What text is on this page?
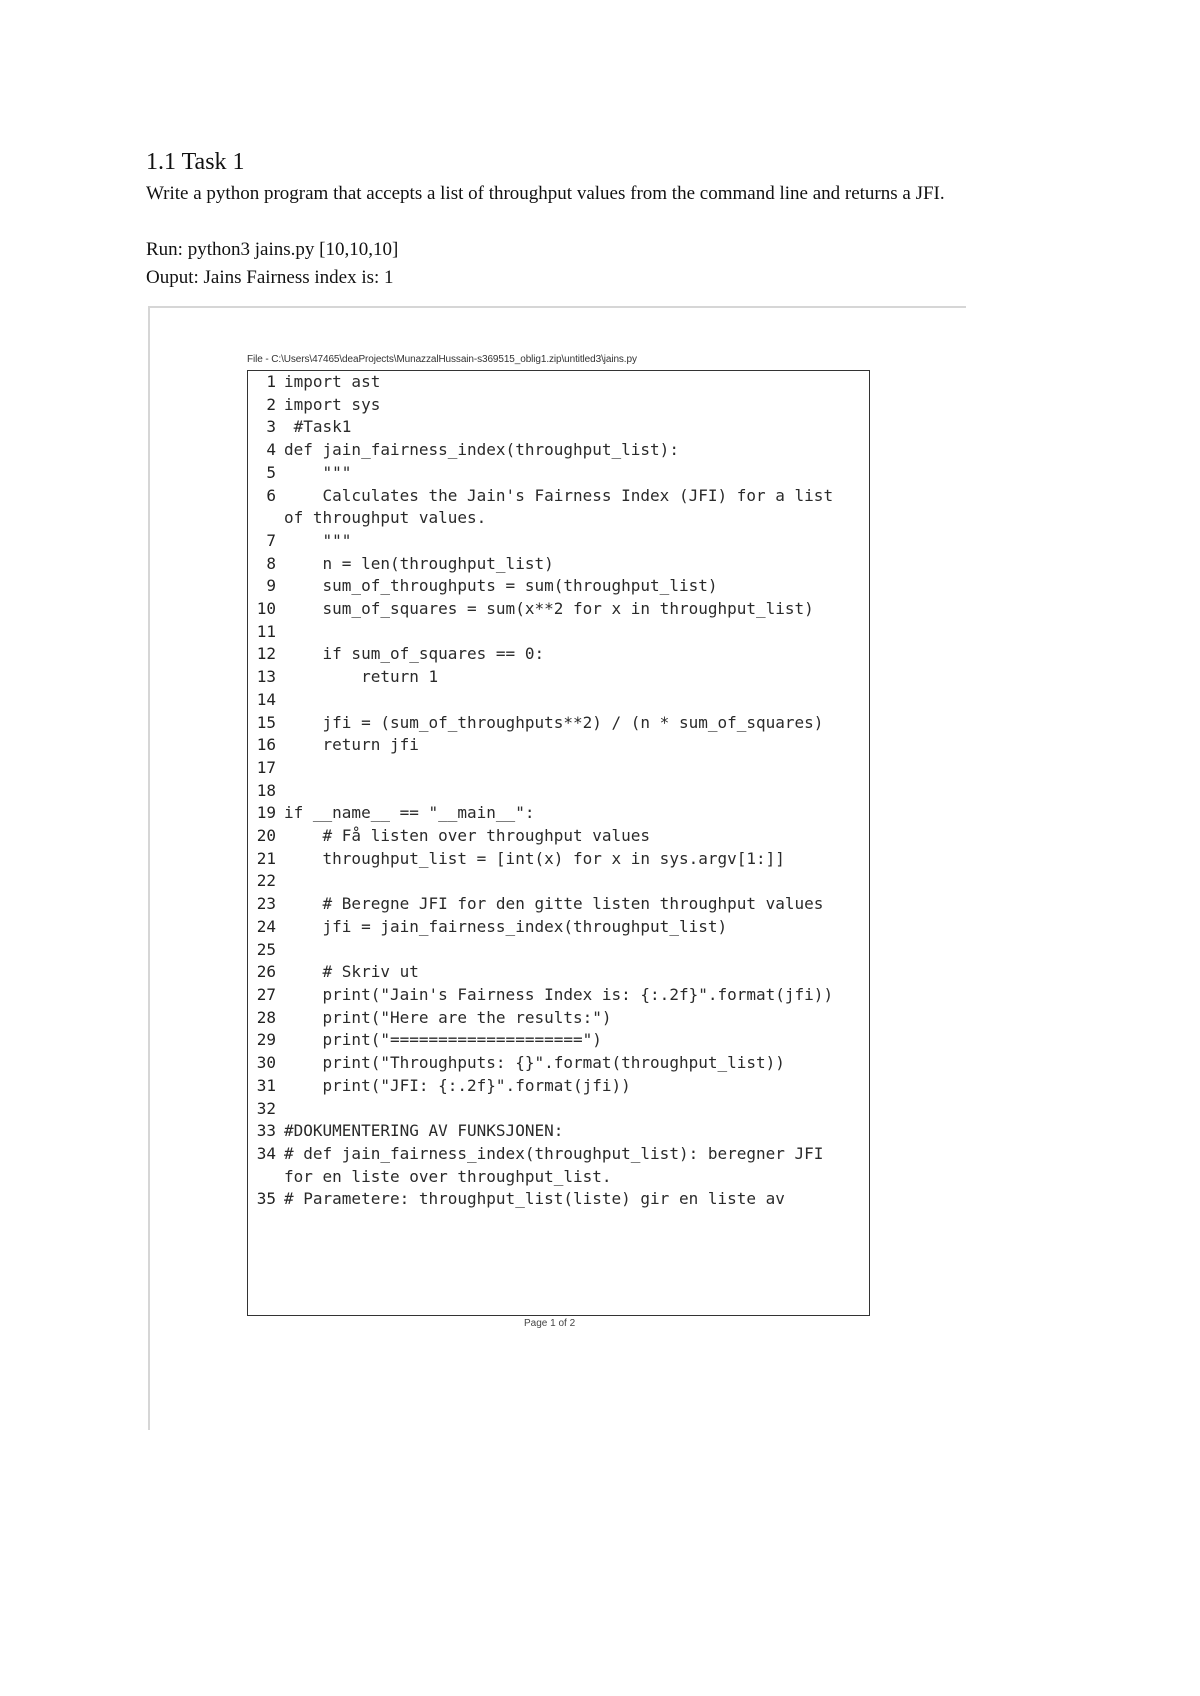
1.1 Task 1

Write a python program that accepts a list of throughput values from the command line and returns a JFI.

Run: python3 jains.py [10,10,10]

Ouput: Jains Fairness index is: 1

File - C:\Users\47465\deaProjects\MunazzalHussain-s369515_oblig1.zip\untitled3\jains.py
1 import ast
2 import sys
3 #Task1
4 def jain_fairness_index(throughput_list):
5 """
6 Calculates the Jain's Fairness Index (JFI) for a list of throughput values.
7 """
8 n = len(throughput_list)
9 sum_of_throughputs = sum(throughput_list)
10 sum_of_squares = sum(x**2 for x in throughput_list)
11
12 if sum_of_squares == 0:
13 return 1
14
15 jfi = (sum_of_throughputs**2) / (n * sum_of_squares)
16 return jfi
17
18
19 if __name__ == "__main__":
20 # Få listen over throughput values
21 throughput_list = [int(x) for x in sys.argv[1:]]
22
23 # Beregne JFI for den gitte listen throughput values
24 jfi = jain_fairness_index(throughput_list)
25
26 # Skriv ut
27 print("Jain's Fairness Index is: {:.2f}".format(jfi))
28 print("Here are the results:")
29 print("====================")
30 print("Throughputs: {}".format(throughput_list))
31 print("JFI: {:.2f}".format(jfi))
32
33 #DOKUMENTERING AV FUNKSJONEN:
34 # def jain_fairness_index(throughput_list): beregner JFI for en liste over throughput_list.
35 # Parametere: throughput_list(liste) gir en liste av
Page 1 of 2
